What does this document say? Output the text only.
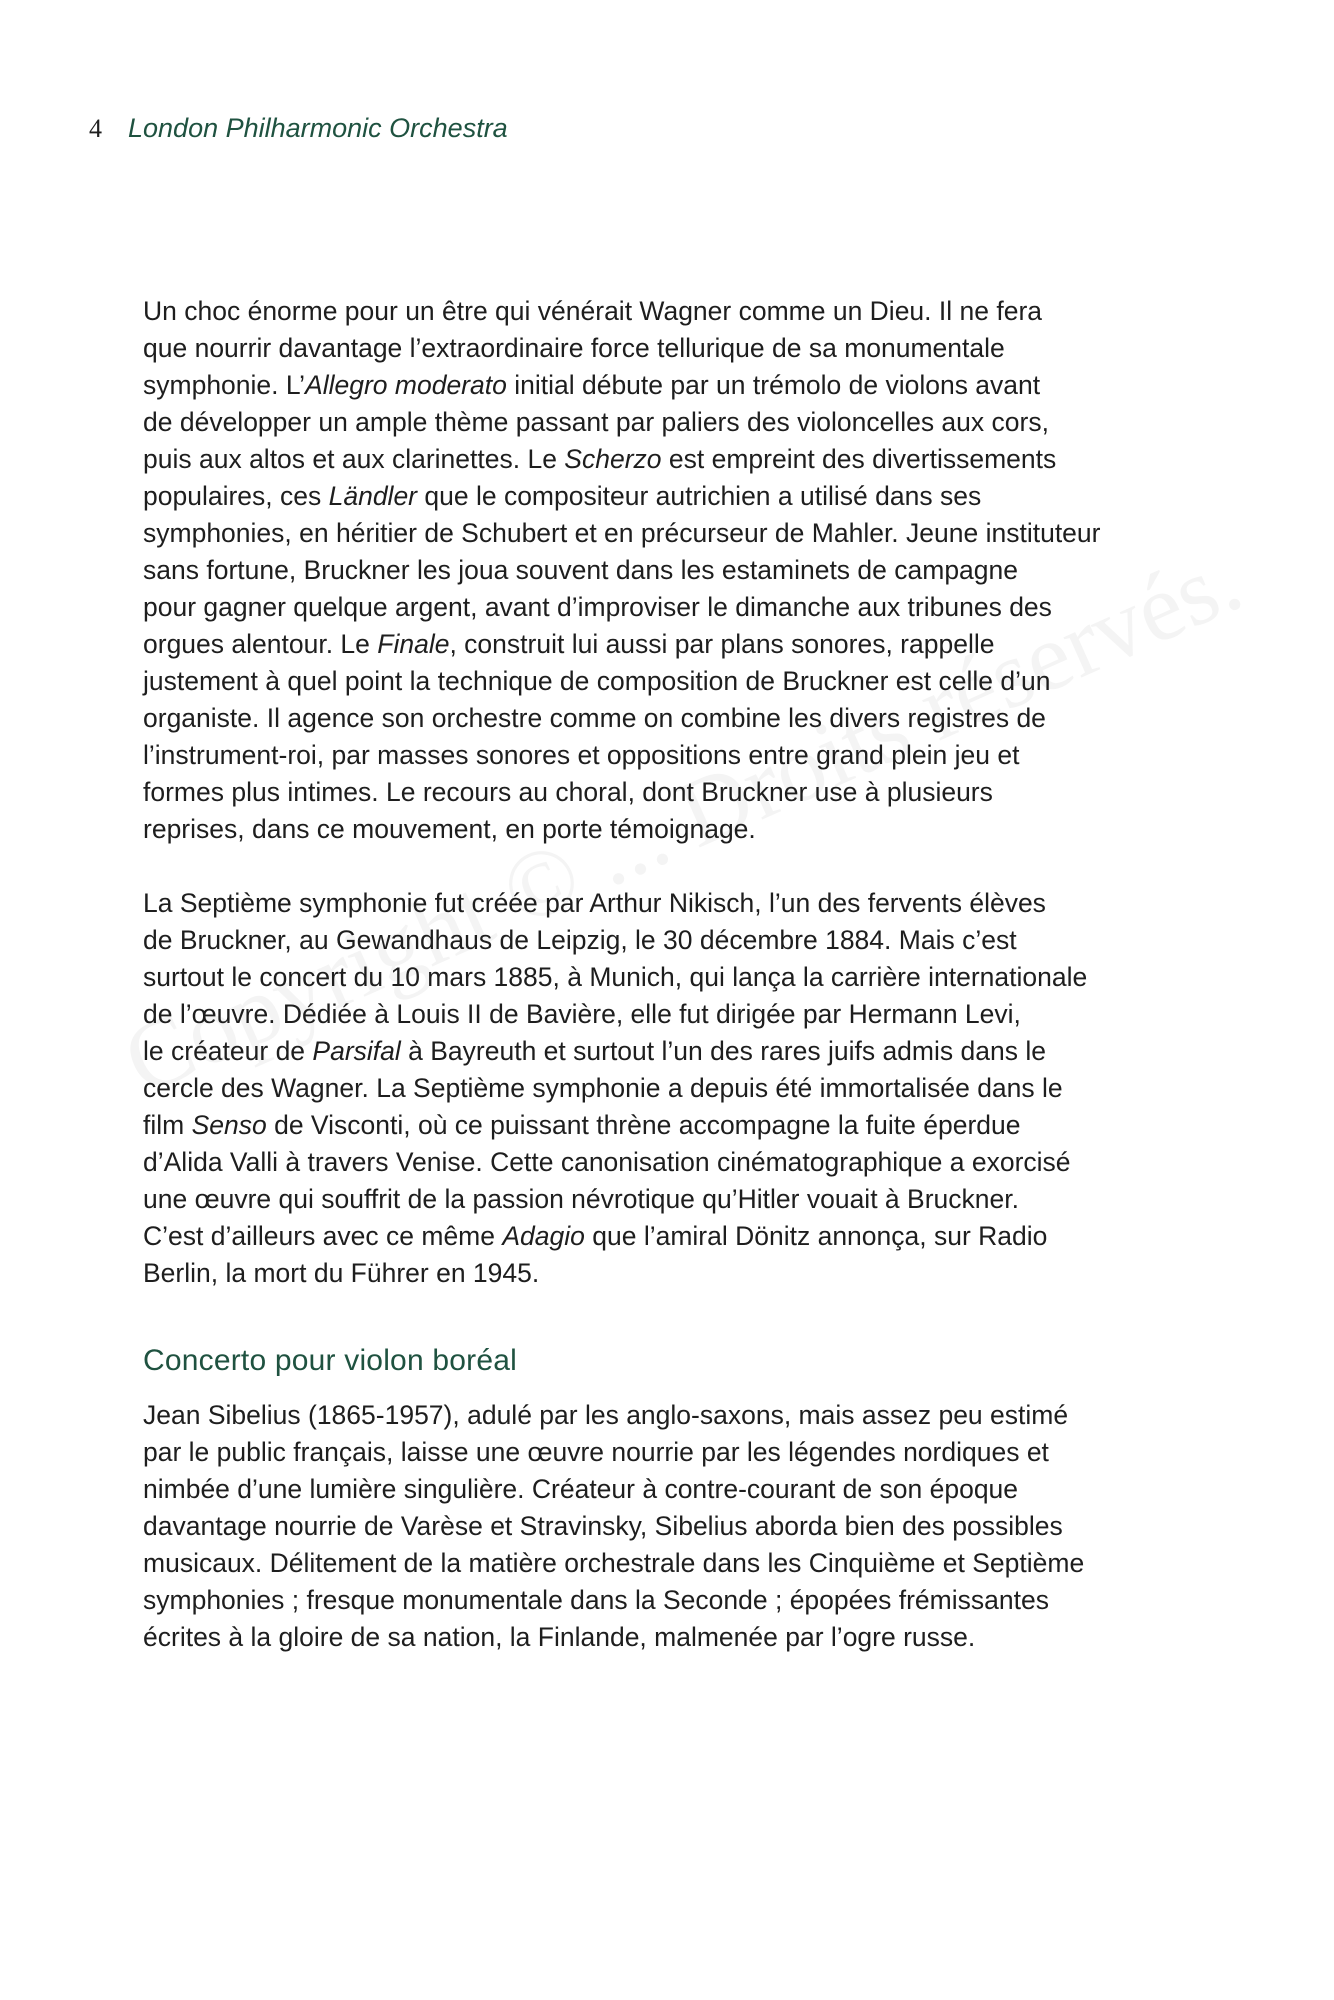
4 London Philharmonic Orchestra

Un choc énorme pour un être qui vénérait Wagner comme un Dieu. Il ne fera
que nourrir davantage l’extraordinaire force tellurique de sa monumentale
symphonie. L’Allegro moderato initial débute par un trémolo de violons avant
de développer un ample thème passant par paliers des violoncelles aux cors,
puis aux altos et aux clarinettes. Le Scherzo est empreint des divertissements
populaires, ces Ländler que le compositeur autrichien a utilisé dans ses
symphonies, en héritier de Schubert et en précurseur de Mahler. Jeune instituteur
sans fortune, Bruckner les joua souvent dans les estaminets de campagne
pour gagner quelque argent, avant d’improviser le dimanche aux tribunes des
orgues alentour. Le Finale, construit lui aussi par plans sonores, rappelle
justement à quel point la technique de composition de Bruckner est celle d’un
organiste. Il agence son orchestre comme on combine les divers registres de
l’instrument-roi, par masses sonores et oppositions entre grand plein jeu et
formes plus intimes. Le recours au choral, dont Bruckner use à plusieurs
reprises, dans ce mouvement, en porte témoignage.

La Septième symphonie fut créée par Arthur Nikisch, l’un des fervents élèves
de Bruckner, au Gewandhaus de Leipzig, le 30 décembre 1884. Mais c’est
surtout le concert du 10 mars 1885, à Munich, qui lança la carrière internationale
de l’œuvre. Dédiée à Louis II de Bavière, elle fut dirigée par Hermann Levi,
le créateur de Parsifal à Bayreuth et surtout l’un des rares juifs admis dans le
cercle des Wagner. La Septième symphonie a depuis été immortalisée dans le
film Senso de Visconti, où ce puissant thrène accompagne la fuite éperdue
d’Alida Valli à travers Venise. Cette canonisation cinématographique a exorcisé
une œuvre qui souffrit de la passion névrotique qu’Hitler vouait à Bruckner.
C’est d’ailleurs avec ce même Adagio que l’amiral Dönitz annonça, sur Radio
Berlin, la mort du Führer en 1945.

Concerto pour violon boréal

Jean Sibelius (1865-1957), adulé par les anglo-saxons, mais assez peu estimé
par le public français, laisse une œuvre nourrie par les légendes nordiques et
nimbée d’une lumière singulière. Créateur à contre-courant de son époque
davantage nourrie de Varèse et Stravinsky, Sibelius aborda bien des possibles
musicaux. Délitement de la matière orchestrale dans les Cinquième et Septième
symphonies ; fresque monumentale dans la Seconde ; épopées frémissantes
écrites à la gloire de sa nation, la Finlande, malmenée par l’ogre russe.
